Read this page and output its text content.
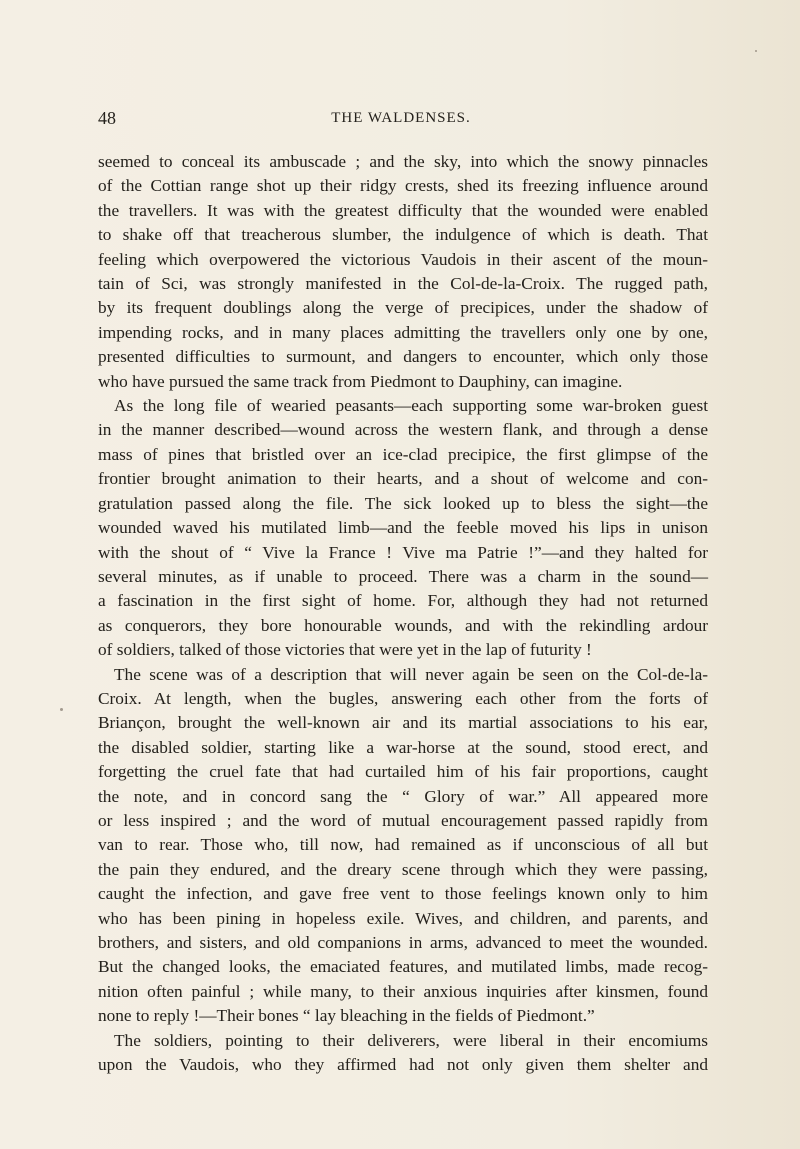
48	THE WALDENSES.

seemed to conceal its ambuscade ; and the sky, into which the snowy pinnacles

of the Cottian range shot up their ridgy crests, shed its freezing influence around

the travellers. It was with the greatest difficulty that the wounded were enabled

to shake off that treacherous slumber, the indulgence of which is death. That

feeling which overpowered the victorious Vaudois in their ascent of the moun-

tain of Sci, was strongly manifested in the Col-de-la-Croix. The rugged path,

by its frequent doublings along the verge of precipices, under the shadow of

impending rocks, and in many places admitting the travellers only one by one,

presented difficulties to surmount, and dangers to encounter, which only those

who have pursued the same track from Piedmont to Dauphiny, can imagine.

As the long file of wearied peasants—each supporting some war-broken guest

in the manner described—wound across the western flank, and through a dense

mass of pines that bristled over an ice-clad precipice, the first glimpse of the

frontier brought animation to their hearts, and a shout of welcome and con-

gratulation passed along the file. The sick looked up to bless the sight—the

wounded waved his mutilated limb—and the feeble moved his lips in unison

with the shout of “ Vive la France ! Vive ma Patrie !”—and they halted for

several minutes, as if unable to proceed. There was a charm in the sound—

a fascination in the first sight of home. For, although they had not returned

as conquerors, they bore honourable wounds, and with the rekindling ardour

of soldiers, talked of those victories that were yet in the lap of futurity !

The scene was of a description that will never again be seen on the Col-de-la-

Croix. At length, when the bugles, answering each other from the forts of

Briançon, brought the well-known air and its martial associations to his ear,

the disabled soldier, starting like a war-horse at the sound, stood erect, and

forgetting the cruel fate that had curtailed him of his fair proportions, caught

the note, and in concord sang the “ Glory of war.” All appeared more

or less inspired ; and the word of mutual encouragement passed rapidly from

van to rear. Those who, till now, had remained as if unconscious of all but

the pain they endured, and the dreary scene through which they were passing,

caught the infection, and gave free vent to those feelings known only to him

who has been pining in hopeless exile. Wives, and children, and parents, and

brothers, and sisters, and old companions in arms, advanced to meet the wounded.

But the changed looks, the emaciated features, and mutilated limbs, made recog-

nition often painful ; while many, to their anxious inquiries after kinsmen, found

none to reply !—Their bones “ lay bleaching in the fields of Piedmont.”

The soldiers, pointing to their deliverers, were liberal in their encomiums

upon the Vaudois, who they affirmed had not only given them shelter and
